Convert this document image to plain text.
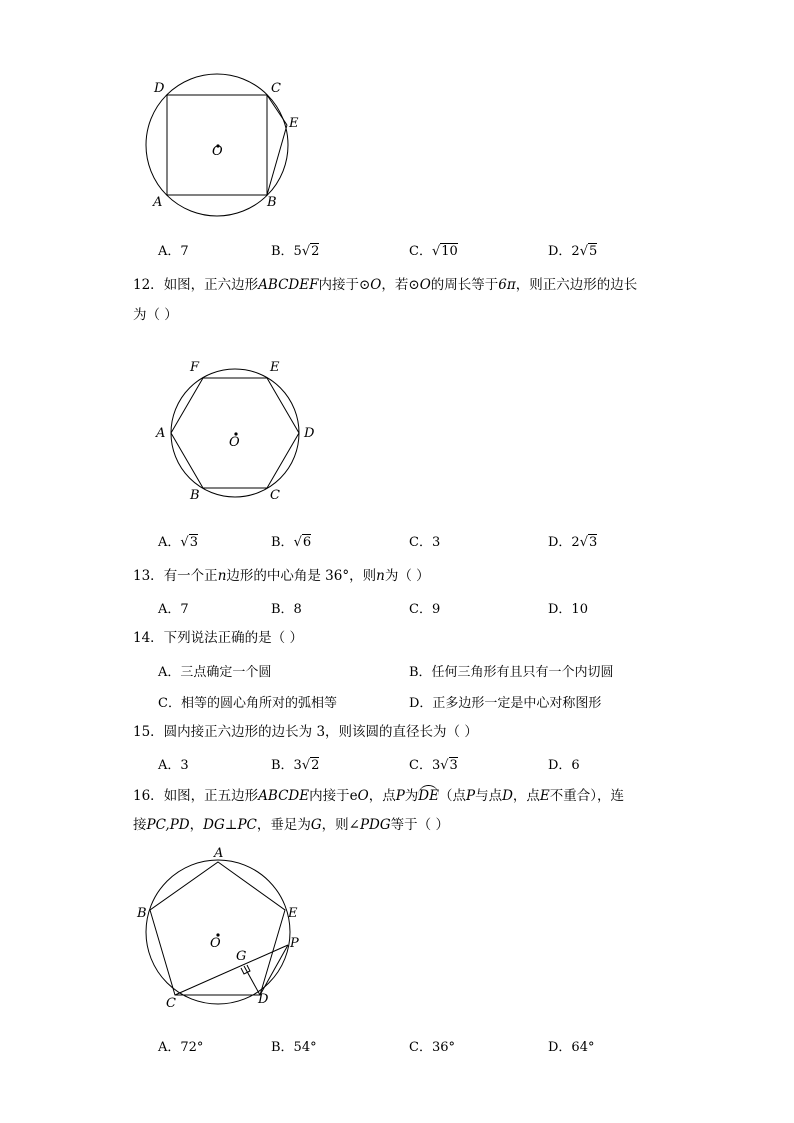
D	C
E
O
A	B
A．7	B．5√2	C．√10	D．2√5
12．如图，正六边形ABCDEF内接于⊙O，若⊙O的周长等于6π，则正六边形的边长
为（ ）
F	E
A
O
D
B	C
A．√3	B．√6	C．3	D．2√3
13．有一个正n边形的中心角是 36°，则n为（ ）
A．7	B．8	C．9	D．10
14．下列说法正确的是（ ）
A．三点确定一个圆	B．任何三角形有且只有一个内切圆
C．相等的圆心角所对的弧相等	D．正多边形一定是中心对称图形
15．圆内接正六边形的边长为 3，则该圆的直径长为（ ）
A．3	B．3√2	C．3√3	D．6
16．如图，正五边形ABCDE内接于eO，点P为DE（点P与点D，点E不重合），连
接PC,PD，DG⊥PC，垂足为G，则∠PDG等于（ ）
A
B	E
O	P
G
C	D
A．72°	B．54°	C．36°	D．64°
